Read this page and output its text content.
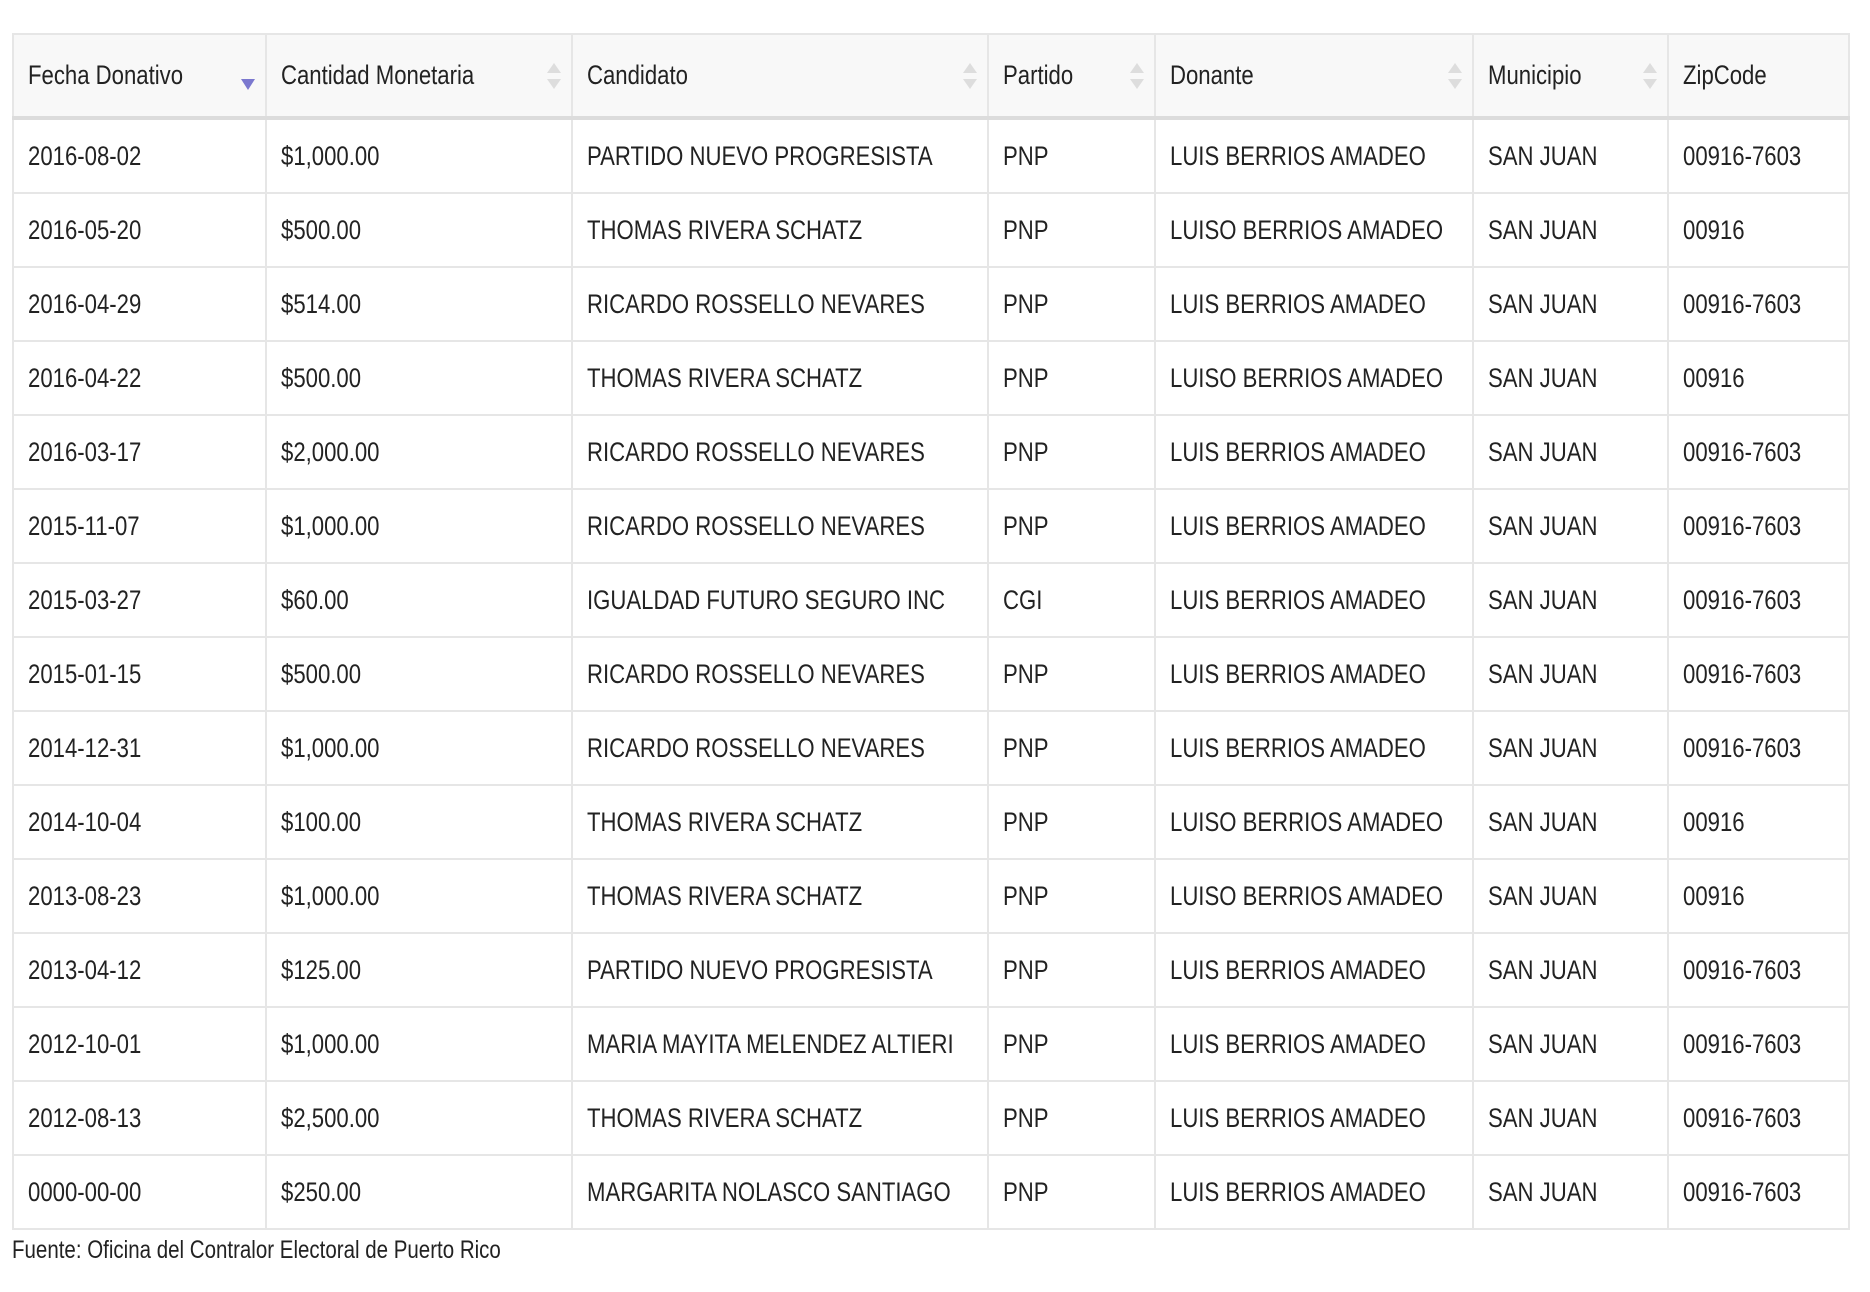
Fecha Donativo	Cantidad Monetaria	Candidato	Partido	Donante	Municipio	ZipCode
2016-08-02	$1,000.00	PARTIDO NUEVO PROGRESISTA	PNP	LUIS BERRIOS AMADEO	SAN JUAN	00916-7603
2016-05-20	$500.00	THOMAS RIVERA SCHATZ	PNP	LUISO BERRIOS AMADEO	SAN JUAN	00916
2016-04-29	$514.00	RICARDO ROSSELLO NEVARES	PNP	LUIS BERRIOS AMADEO	SAN JUAN	00916-7603
2016-04-22	$500.00	THOMAS RIVERA SCHATZ	PNP	LUISO BERRIOS AMADEO	SAN JUAN	00916
2016-03-17	$2,000.00	RICARDO ROSSELLO NEVARES	PNP	LUIS BERRIOS AMADEO	SAN JUAN	00916-7603
2015-11-07	$1,000.00	RICARDO ROSSELLO NEVARES	PNP	LUIS BERRIOS AMADEO	SAN JUAN	00916-7603
2015-03-27	$60.00	IGUALDAD FUTURO SEGURO INC	CGI	LUIS BERRIOS AMADEO	SAN JUAN	00916-7603
2015-01-15	$500.00	RICARDO ROSSELLO NEVARES	PNP	LUIS BERRIOS AMADEO	SAN JUAN	00916-7603
2014-12-31	$1,000.00	RICARDO ROSSELLO NEVARES	PNP	LUIS BERRIOS AMADEO	SAN JUAN	00916-7603
2014-10-04	$100.00	THOMAS RIVERA SCHATZ	PNP	LUISO BERRIOS AMADEO	SAN JUAN	00916
2013-08-23	$1,000.00	THOMAS RIVERA SCHATZ	PNP	LUISO BERRIOS AMADEO	SAN JUAN	00916
2013-04-12	$125.00	PARTIDO NUEVO PROGRESISTA	PNP	LUIS BERRIOS AMADEO	SAN JUAN	00916-7603
2012-10-01	$1,000.00	MARIA MAYITA MELENDEZ ALTIERI	PNP	LUIS BERRIOS AMADEO	SAN JUAN	00916-7603
2012-08-13	$2,500.00	THOMAS RIVERA SCHATZ	PNP	LUIS BERRIOS AMADEO	SAN JUAN	00916-7603
0000-00-00	$250.00	MARGARITA NOLASCO SANTIAGO	PNP	LUIS BERRIOS AMADEO	SAN JUAN	00916-7603
Fuente: Oficina del Contralor Electoral de Puerto Rico
